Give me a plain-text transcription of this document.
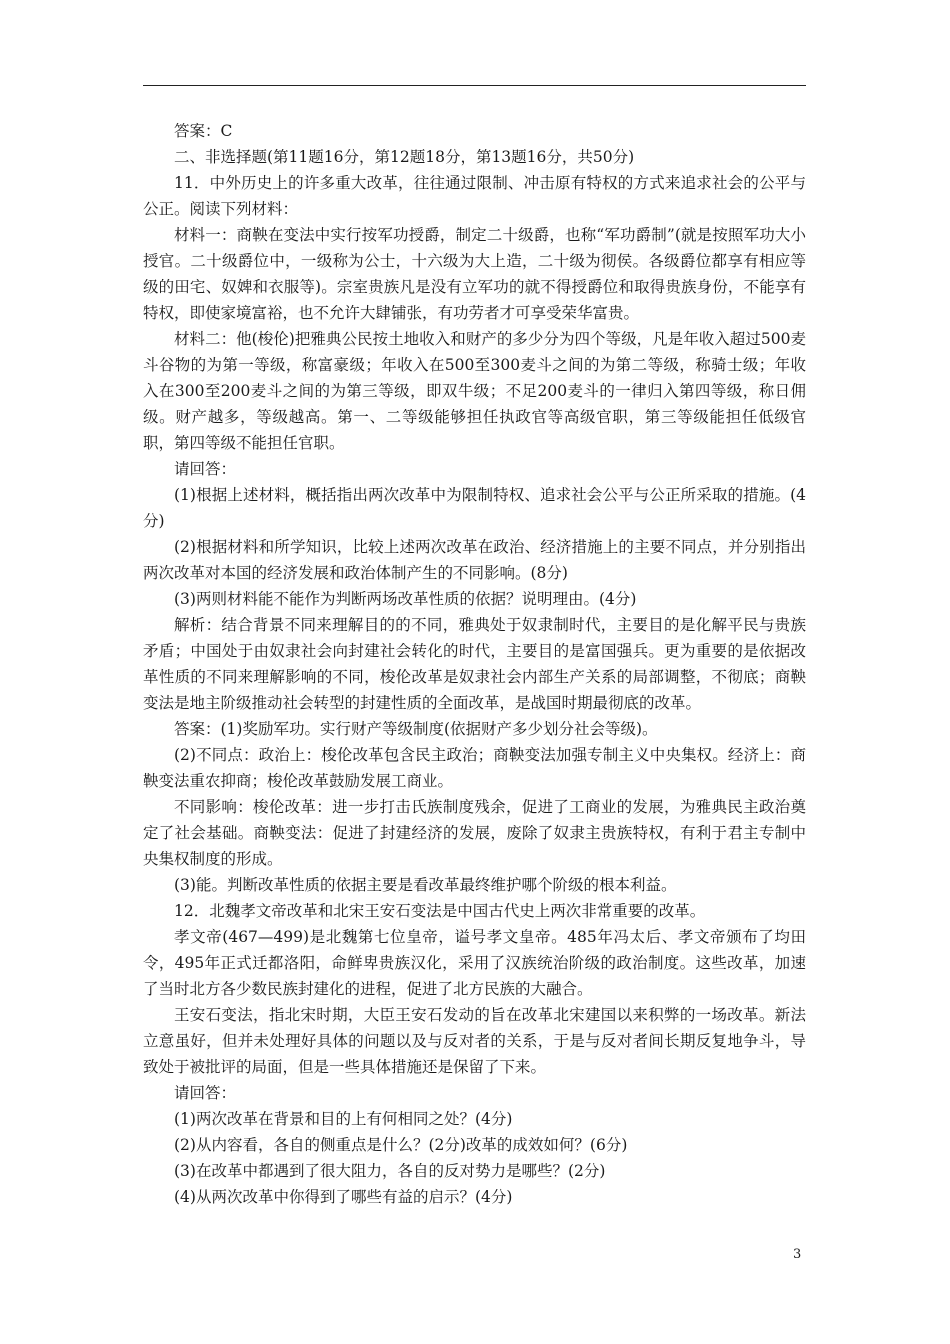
答案：C

二、非选择题(第11题16分，第12题18分，第13题16分，共50分)

11．中外历史上的许多重大改革，往往通过限制、冲击原有特权的方式来追求社会的公平与公正。阅读下列材料：

材料一：商鞅在变法中实行按军功授爵，制定二十级爵，也称“军功爵制”(就是按照军功大小授官。二十级爵位中，一级称为公士，十六级为大上造，二十级为彻侯。各级爵位都享有相应等级的田宅、奴婢和衣服等)。宗室贵族凡是没有立军功的就不得授爵位和取得贵族身份，不能享有特权，即使家境富裕，也不允许大肆铺张，有功劳者才可享受荣华富贵。

材料二：他(梭伦)把雅典公民按土地收入和财产的多少分为四个等级，凡是年收入超过500麦斗谷物的为第一等级，称富豪级；年收入在500至300麦斗之间的为第二等级，称骑士级；年收入在300至200麦斗之间的为第三等级，即双牛级；不足200麦斗的一律归入第四等级，称日佣级。财产越多，等级越高。第一、二等级能够担任执政官等高级官职，第三等级能担任低级官职，第四等级不能担任官职。

请回答：

(1)根据上述材料，概括指出两次改革中为限制特权、追求社会公平与公正所采取的措施。(4分)

(2)根据材料和所学知识，比较上述两次改革在政治、经济措施上的主要不同点，并分别指出两次改革对本国的经济发展和政治体制产生的不同影响。(8分)

(3)两则材料能不能作为判断两场改革性质的依据？说明理由。(4分)

解析：结合背景不同来理解目的的不同，雅典处于奴隶制时代，主要目的是化解平民与贵族矛盾；中国处于由奴隶社会向封建社会转化的时代，主要目的是富国强兵。更为重要的是依据改革性质的不同来理解影响的不同，梭伦改革是奴隶社会内部生产关系的局部调整，不彻底；商鞅变法是地主阶级推动社会转型的封建性质的全面改革，是战国时期最彻底的改革。

答案：(1)奖励军功。实行财产等级制度(依据财产多少划分社会等级)。

(2)不同点：政治上：梭伦改革包含民主政治；商鞅变法加强专制主义中央集权。经济上：商鞅变法重农抑商；梭伦改革鼓励发展工商业。

不同影响：梭伦改革：进一步打击氏族制度残余，促进了工商业的发展，为雅典民主政治奠定了社会基础。商鞅变法：促进了封建经济的发展，废除了奴隶主贵族特权，有利于君主专制中央集权制度的形成。

(3)能。判断改革性质的依据主要是看改革最终维护哪个阶级的根本利益。

12．北魏孝文帝改革和北宋王安石变法是中国古代史上两次非常重要的改革。

孝文帝(467—499)是北魏第七位皇帝，谥号孝文皇帝。485年冯太后、孝文帝颁布了均田令，495年正式迁都洛阳，命鲜卑贵族汉化，采用了汉族统治阶级的政治制度。这些改革，加速了当时北方各少数民族封建化的进程，促进了北方民族的大融合。

王安石变法，指北宋时期，大臣王安石发动的旨在改革北宋建国以来积弊的一场改革。新法立意虽好，但并未处理好具体的问题以及与反对者的关系，于是与反对者间长期反复地争斗，导致处于被批评的局面，但是一些具体措施还是保留了下来。

请回答：

(1)两次改革在背景和目的上有何相同之处？(4分)

(2)从内容看，各自的侧重点是什么？(2分)改革的成效如何？(6分)

(3)在改革中都遇到了很大阻力，各自的反对势力是哪些？(2分)

(4)从两次改革中你得到了哪些有益的启示？(4分)

3
